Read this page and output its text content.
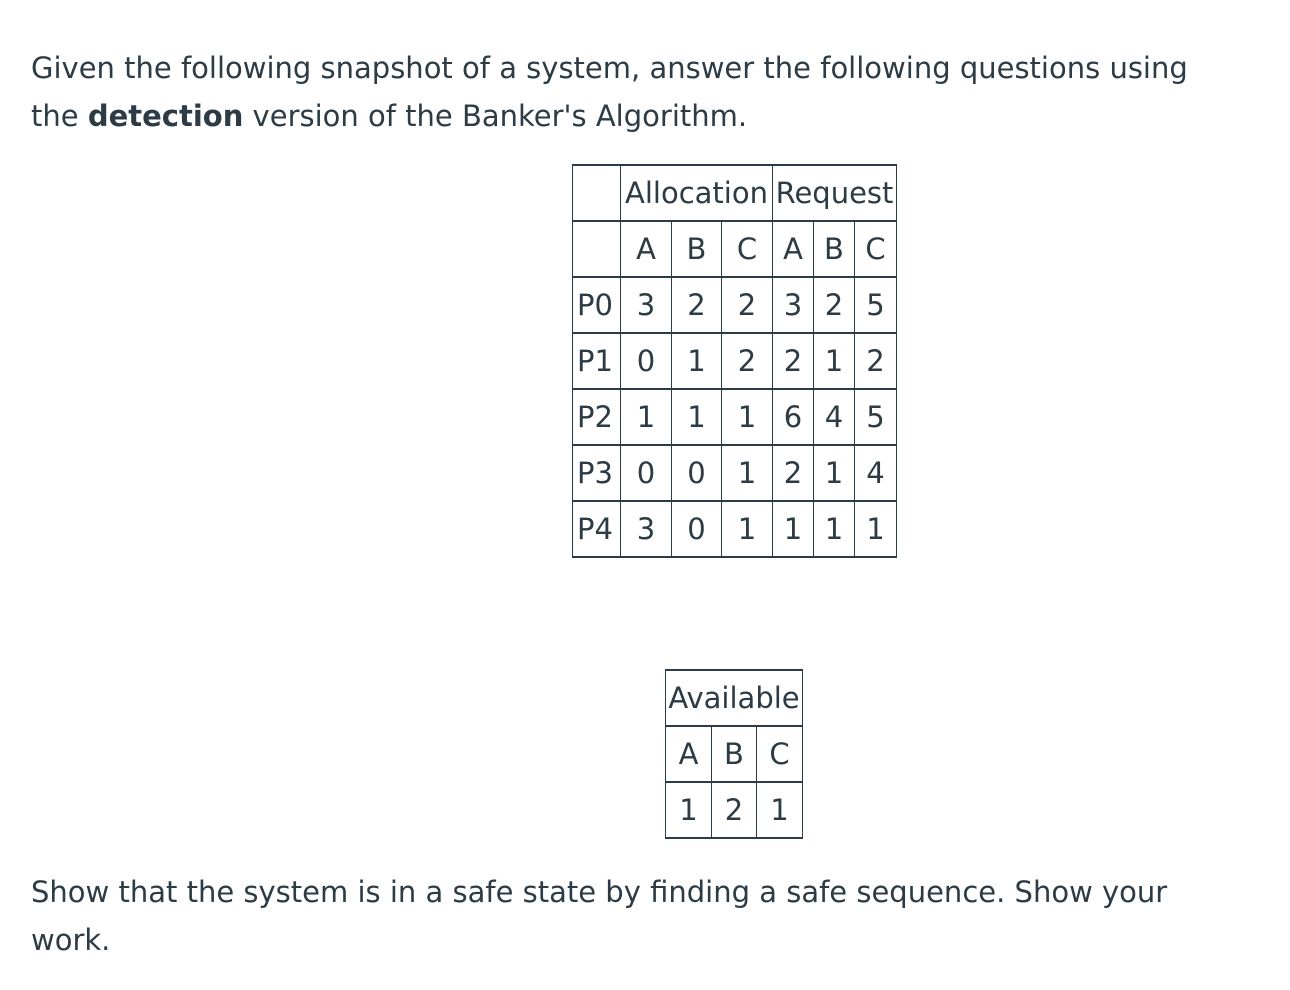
Given the following snapshot of a system, answer the following questions using
the detection version of the Banker's Algorithm.

	Allocation			Request		
	A	B	C	A	B	C
P0	3	2	2	3	2	5
P1	0	1	2	2	1	2
P2	1	1	1	6	4	5
P3	0	0	1	2	1	4
P4	3	0	1	1	1	1
Available		
A	B	C
1	2	1

Show that the system is in a safe state by finding a safe sequence. Show your work.
